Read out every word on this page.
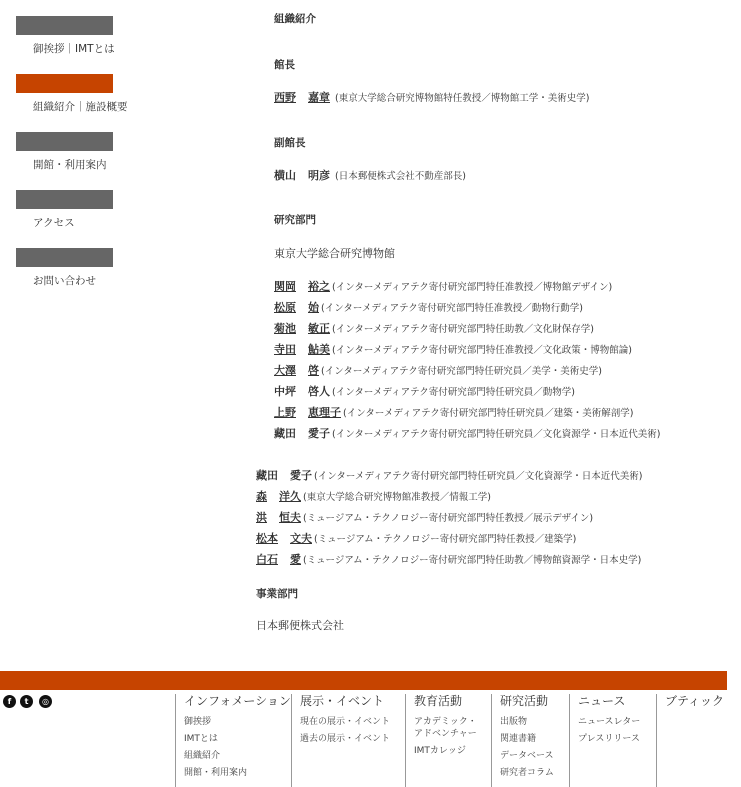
御挨拶｜IMTとは
組織紹介｜施設概要
開館・利用案内
アクセス
お問い合わせ
組織紹介
館長
西野 嘉章 (東京大学総合研究博物館特任教授／博物館工学・美術史学)
副館長
横山 明彦 (日本郵便株式会社不動産部長)
研究部門
東京大学総合研究博物館
関岡 裕之 (インターメディアテク寄付研究部門特任准教授／博物館デザイン)
松原 始 (インターメディアテク寄付研究部門特任准教授／動物行動学)
菊池 敏正 (インターメディアテク寄付研究部門特任助教／文化財保存学)
寺田 鮎美 (インターメディアテク寄付研究部門特任准教授／文化政策・博物館論)
大澤 啓 (インターメディアテク寄付研究部門特任研究員／美学・美術史学)
中坪 啓人 (インターメディアテク寄付研究部門特任研究員／動物学)
上野 恵理子 (インターメディアテク寄付研究部門特任研究員／建築・美術解剖学)
藏田 愛子 (インターメディアテク寄付研究部門特任研究員／文化資源学・日本近代美術)
藏田 愛子 (インターメディアテク寄付研究部門特任研究員／文化資源学・日本近代美術)
森 洋久 (東京大学総合研究博物館准教授／情報工学)
洪 恒夫 (ミュージアム・テクノロジー寄付研究部門特任教授／展示デザイン)
松本 文夫 (ミュージアム・テクノロジー寄付研究部門特任教授／建築学)
白石 愛 (ミュージアム・テクノロジー寄付研究部門特任助教／博物館資源学・日本史学)
事業部門
日本郵便株式会社
f	t	◎	インフォメーション
御挨拶
IMTとは
組織紹介
開館・利用案内
展示・イベント
現在の展示・イベント
過去の展示・イベント
教育活動
アカデミック・
アドベンチャー
IMTカレッジ
研究活動
出版物
関連書籍
データベース
研究者コラム
ニュース
ニュースレター
プレスリリース
ブティック
